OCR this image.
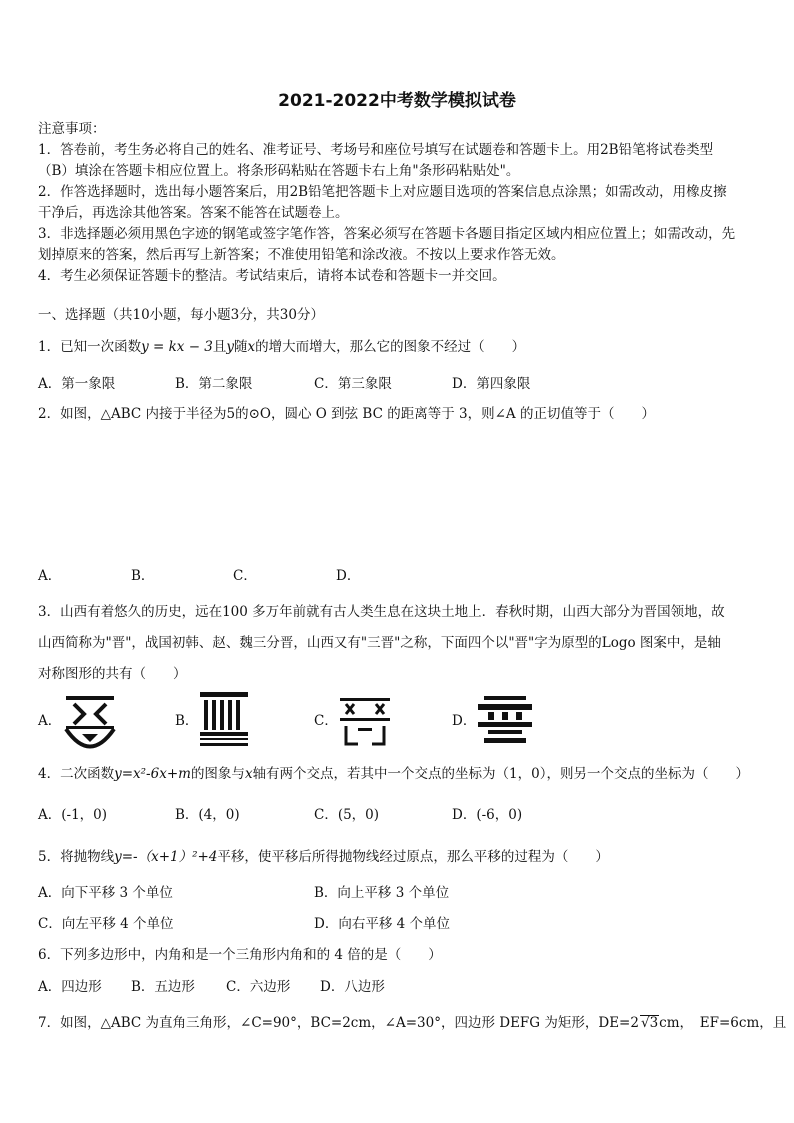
2021-2022中考数学模拟试卷
注意事项：
1．答卷前，考生务必将自己的姓名、准考证号、考场号和座位号填写在试题卷和答题卡上。用2B铅笔将试卷类型
（B）填涂在答题卡相应位置上。将条形码粘贴在答题卡右上角"条形码粘贴处"。
2．作答选择题时，选出每小题答案后，用2B铅笔把答题卡上对应题目选项的答案信息点涂黑；如需改动，用橡皮擦
干净后，再选涂其他答案。答案不能答在试题卷上。
3．非选择题必须用黑色字迹的钢笔或签字笔作答，答案必须写在答题卡各题目指定区域内相应位置上；如需改动，先
划掉原来的答案，然后再写上新答案；不准使用铅笔和涂改液。不按以上要求作答无效。
4．考生必须保证答题卡的整洁。考试结束后，请将本试卷和答题卡一并交回。
一、选择题（共10小题，每小题3分，共30分）
1．已知一次函数y = kx − 3且y随x的增大而增大，那么它的图象不经过（　　）
A．第一象限	B．第二象限	C．第三象限	D．第四象限
2．如图，△ABC 内接于半径为5的⊙O，圆心 O 到弦 BC 的距离等于 3，则∠A 的正切值等于（　　）
A．	B．	C．	D．
3．山西有着悠久的历史，远在100 多万年前就有古人类生息在这块土地上．春秋时期，山西大部分为晋国领地，故
山西简称为"晋"，战国初韩、赵、魏三分晋，山西又有"三晋"之称，下面四个以"晋"字为原型的Logo 图案中，是轴
对称图形的共有（　　）
A．	B．	C．	D．
4．二次函数y=x²-6x+m的图象与x轴有两个交点，若其中一个交点的坐标为（1，0），则另一个交点的坐标为（　　）
A．(-1，0)	B．(4，0)	C．(5，0)	D．(-6，0)
5．将抛物线y=-（x+1）²+4平移，使平移后所得抛物线经过原点，那么平移的过程为（　　）
A．向下平移 3 个单位	B．向上平移 3 个单位
C．向左平移 4 个单位	D．向右平移 4 个单位
6．下列多边形中，内角和是一个三角形内角和的 4 倍的是（　　）
A．四边形 B．五边形 C．六边形 D．八边形
7．如图，△ABC 为直角三角形，∠C=90°，BC=2cm，∠A=30°，四边形 DEFG 为矩形，DE=2 √3cm，　EF=6cm，且
